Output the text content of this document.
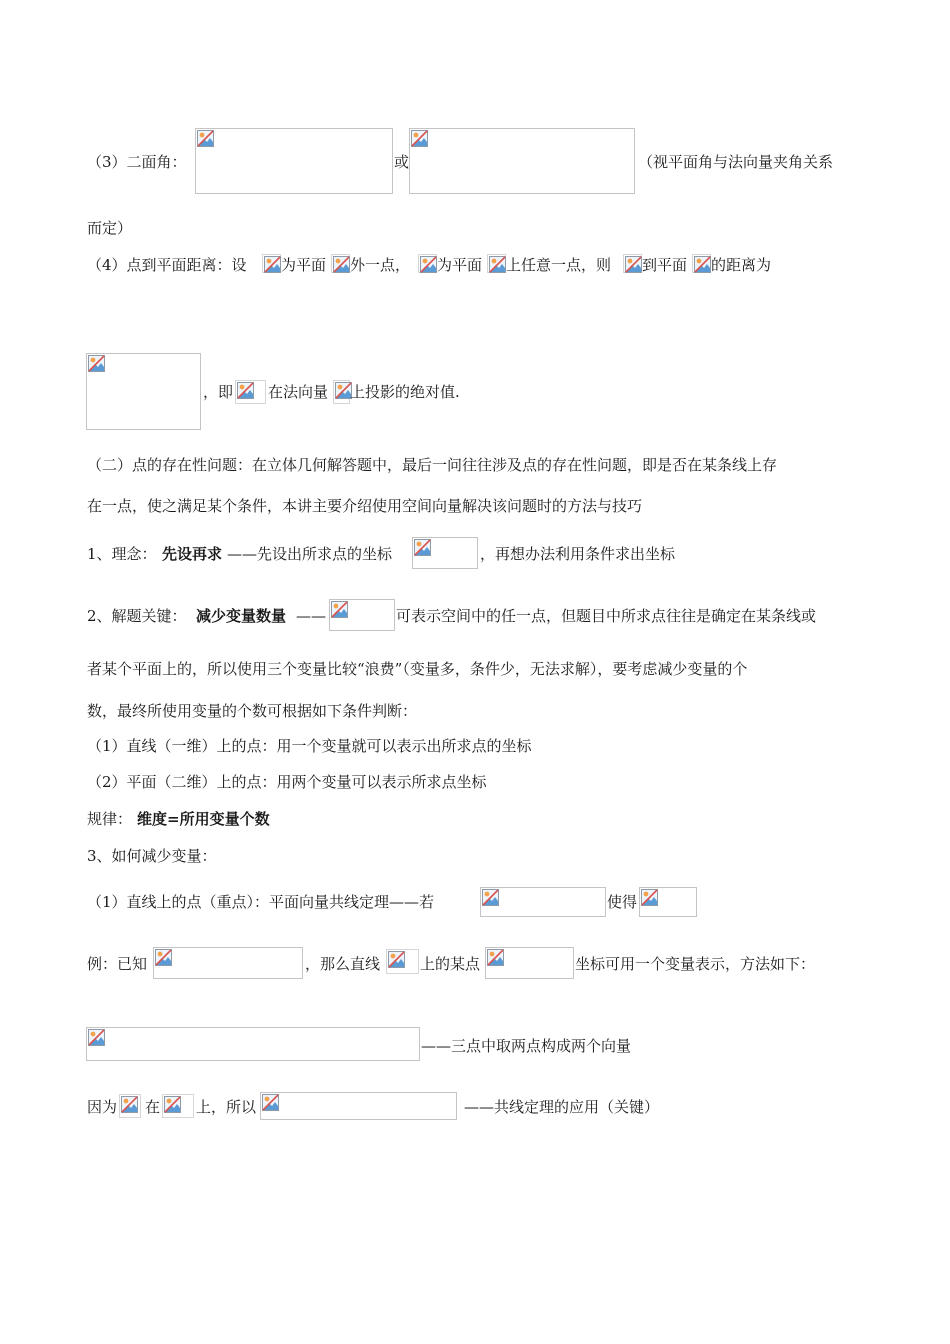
（3）二面角：	或	（视平面角与法向量夹角关系
而定）
（4）点到平面距离：设 为平面 外一点， 为平面 上任意一点，则 到平面 的距离为
，即 在法向量 上投影的绝对值.
（二）点的存在性问题：在立体几何解答题中，最后一问往往涉及点的存在性问题，即是否在某条线上存
在一点，使之满足某个条件，本讲主要介绍使用空间向量解决该问题时的方法与技巧
1、理念： 先设再求 ——先设出所求点的坐标	，再想办法利用条件求出坐标
2、解题关键： 减少变量数量 ——	可表示空间中的任一点，但题目中所求点往往是确定在某条线或
者某个平面上的，所以使用三个变量比较“浪费”（变量多，条件少，无法求解），要考虑减少变量的个
数，最终所使用变量的个数可根据如下条件判断：
（1）直线（一维）上的点：用一个变量就可以表示出所求点的坐标
（2）平面（二维）上的点：用两个变量可以表示所求点坐标
规律： 维度=所用变量个数
3、如何减少变量：
（1）直线上的点（重点）：平面向量共线定理——若	使得
例：已知	，那么直线	上的某点	坐标可用一个变量表示，方法如下：
——三点中取两点构成两个向量
因为 在 上，所以	——共线定理的应用（关键）
